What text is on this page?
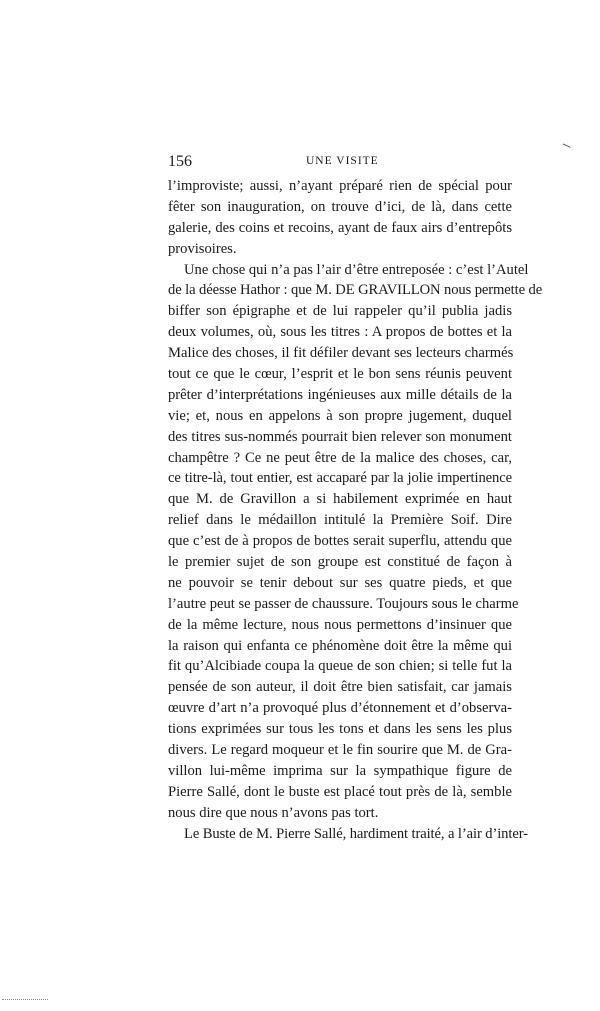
156	UNE VISITE
l’improviste; aussi, n’ayant préparé rien de spécial pour
fêter son inauguration, on trouve d’ici, de là, dans cette
galerie, des coins et recoins, ayant de faux airs d’entrepôts
provisoires.
Une chose qui n’a pas l’air d’être entreposée : c’est l’Autel
de la déesse Hathor : que M. DE GRAVILLON nous permette de
biffer son épigraphe et de lui rappeler qu’il publia jadis
deux volumes, où, sous les titres : A propos de bottes et la
Malice des choses, il fit défiler devant ses lecteurs charmés
tout ce que le cœur, l’esprit et le bon sens réunis peuvent
prêter d’interprétations ingénieuses aux mille détails de la
vie; et, nous en appelons à son propre jugement, duquel
des titres sus-nommés pourrait bien relever son monument
champêtre ? Ce ne peut être de la malice des choses, car,
ce titre-là, tout entier, est accaparé par la jolie impertinence
que M. de Gravillon a si habilement exprimée en haut
relief dans le médaillon intitulé la Première Soif. Dire
que c’est de à propos de bottes serait superflu, attendu que
le premier sujet de son groupe est constitué de façon à
ne pouvoir se tenir debout sur ses quatre pieds, et que
l’autre peut se passer de chaussure. Toujours sous le charme
de la même lecture, nous nous permettons d’insinuer que
la raison qui enfanta ce phénomène doit être la même qui
fit qu’Alcibiade coupa la queue de son chien; si telle fut la
pensée de son auteur, il doit être bien satisfait, car jamais
œuvre d’art n’a provoqué plus d’étonnement et d’observa-
tions exprimées sur tous les tons et dans les sens les plus
divers. Le regard moqueur et le fin sourire que M. de Gra-
villon lui-même imprima sur la sympathique figure de
Pierre Sallé, dont le buste est placé tout près de là, semble
nous dire que nous n’avons pas tort.
Le Buste de M. Pierre Sallé, hardiment traité, a l’air d’inter-
